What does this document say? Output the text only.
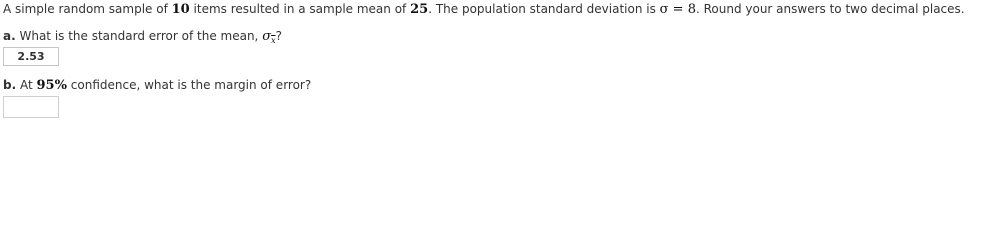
A simple random sample of 10 items resulted in a sample mean of 25. The population standard deviation is σ = 8. Round your answers to two decimal places.
a. What is the standard error of the mean, $\sigma_{\overline{x}}$?
2.53
b. At 95% confidence, what is the margin of error?
